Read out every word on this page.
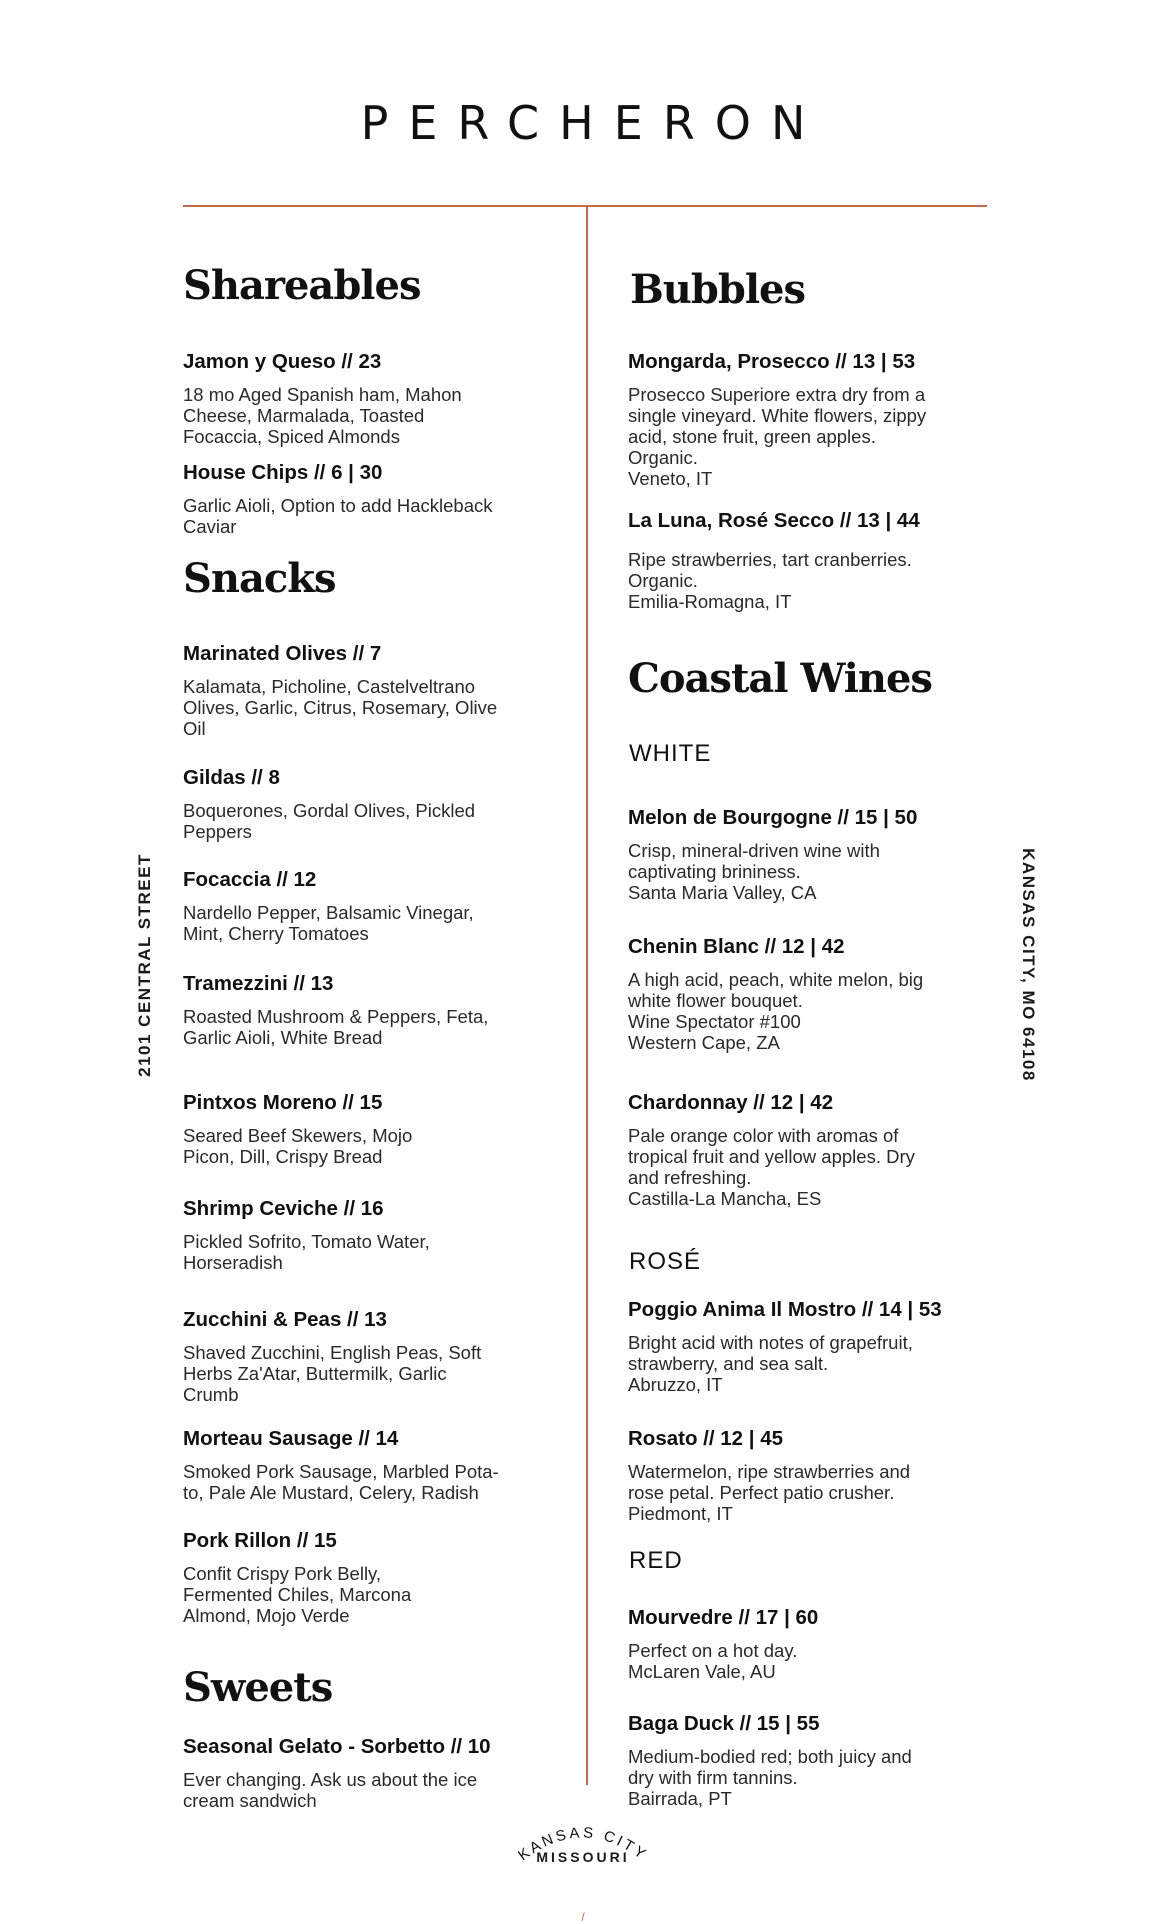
PERCHERON
2101 CENTRAL STREET	KANSAS CITY, MO 64108
Shareables

Jamon y Queso // 23

18 mo Aged Spanish ham, Mahon
Cheese, Marmalada, Toasted
Focaccia, Spiced Almonds

House Chips // 6 | 30

Garlic Aioli, Option to add Hackleback
Caviar

Snacks

Marinated Olives // 7

Kalamata, Picholine, Castelveltrano
Olives, Garlic, Citrus, Rosemary, Olive
Oil

Gildas // 8

Boquerones, Gordal Olives, Pickled
Peppers

Focaccia // 12

Nardello Pepper, Balsamic Vinegar,
Mint, Cherry Tomatoes

Tramezzini // 13

Roasted Mushroom & Peppers, Feta,
Garlic Aioli, White Bread

Pintxos Moreno // 15

Seared Beef Skewers, Mojo
Picon, Dill, Crispy Bread

Shrimp Ceviche // 16

Pickled Sofrito, Tomato Water,
Horseradish

Zucchini & Peas // 13

Shaved Zucchini, English Peas, Soft
Herbs Za'Atar, Buttermilk, Garlic
Crumb

Morteau Sausage // 14

Smoked Pork Sausage, Marbled Pota-
to, Pale Ale Mustard, Celery, Radish

Pork Rillon // 15

Confit Crispy Pork Belly,
Fermented Chiles, Marcona
Almond, Mojo Verde

Sweets

Seasonal Gelato - Sorbetto // 10

Ever changing. Ask us about the ice
cream sandwich

Bubbles

Mongarda, Prosecco // 13 | 53

Prosecco Superiore extra dry from a
single vineyard. White flowers, zippy
acid, stone fruit, green apples.
Organic.
Veneto, IT

La Luna, Rosé Secco // 13 | 44

Ripe strawberries, tart cranberries.
Organic.
Emilia-Romagna, IT

Coastal Wines
WHITE

Melon de Bourgogne // 15 | 50

Crisp, mineral-driven wine with
captivating brininess.
Santa Maria Valley, CA

Chenin Blanc // 12 | 42

A high acid, peach, white melon, big
white flower bouquet.
Wine Spectator #100
Western Cape, ZA

Chardonnay // 12 | 42

Pale orange color with aromas of
tropical fruit and yellow apples. Dry
and refreshing.
Castilla-La Mancha, ES

ROSÉ

Poggio Anima Il Mostro // 14 | 53

Bright acid with notes of grapefruit,
strawberry, and sea salt.
Abruzzo, IT

Rosato // 12 | 45

Watermelon, ripe strawberries and
rose petal. Perfect patio crusher.
Piedmont, IT

RED

Mourvedre // 17 | 60

Perfect on a hot day.
McLaren Vale, AU

Baga Duck // 15 | 55

Medium-bodied red; both juicy and
dry with firm tannins.
Bairrada, PT

KANSAS CITY
MISSOURI
/
